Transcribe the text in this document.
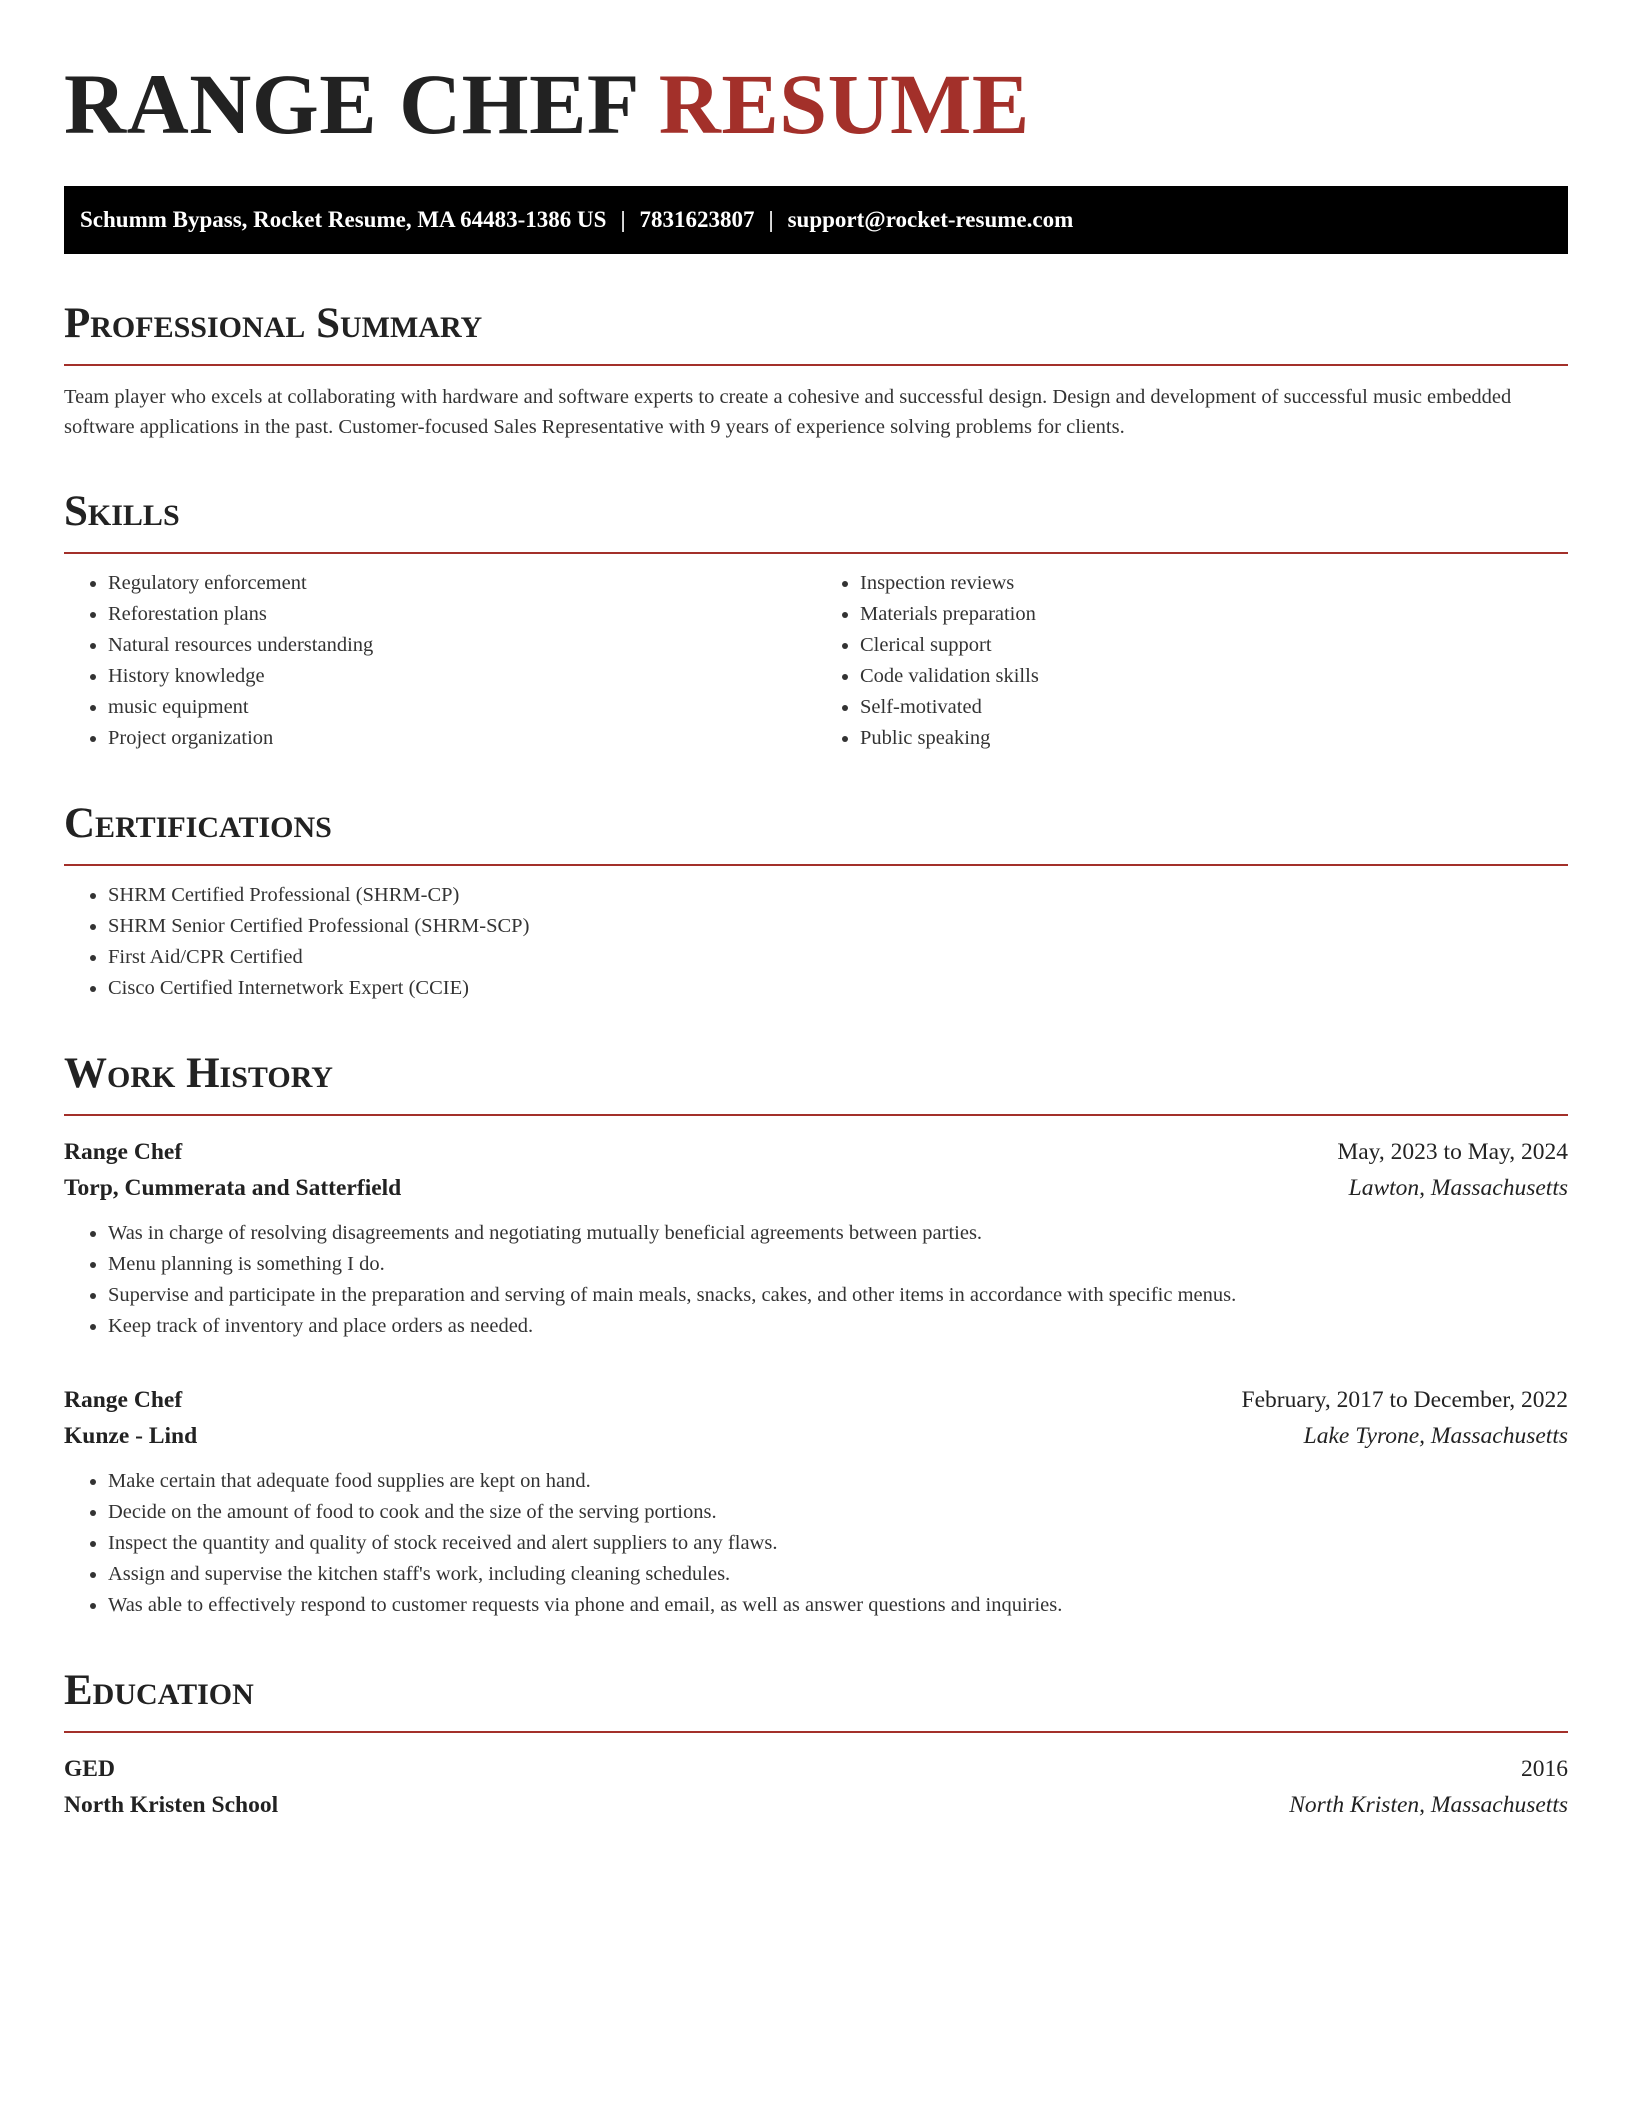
RANGE CHEF RESUME
Schumm Bypass, Rocket Resume, MA 64483-1386 US | 7831623807 | support@rocket-resume.com
Professional Summary

Team player who excels at collaborating with hardware and software experts to create a cohesive and successful design. Design and development of successful music embedded software applications in the past. Customer-focused Sales Representative with 9 years of experience solving problems for clients.

Skills
• Regulatory enforcement
• Reforestation plans
• Natural resources understanding
• History knowledge
• music equipment
• Project organization
• Inspection reviews
• Materials preparation
• Clerical support
• Code validation skills
• Self-motivated
• Public speaking
Certifications
• SHRM Certified Professional (SHRM-CP)
• SHRM Senior Certified Professional (SHRM-SCP)
• First Aid/CPR Certified
• Cisco Certified Internetwork Expert (CCIE)
Work History
Range Chef	May, 2023 to May, 2024
Torp, Cummerata and Satterfield	Lawton, Massachusetts
• Was in charge of resolving disagreements and negotiating mutually beneficial agreements between parties.
• Menu planning is something I do.
• Supervise and participate in the preparation and serving of main meals, snacks, cakes, and other items in accordance with specific menus.
• Keep track of inventory and place orders as needed.
Range Chef	February, 2017 to December, 2022
Kunze - Lind	Lake Tyrone, Massachusetts
• Make certain that adequate food supplies are kept on hand.
• Decide on the amount of food to cook and the size of the serving portions.
• Inspect the quantity and quality of stock received and alert suppliers to any flaws.
• Assign and supervise the kitchen staff's work, including cleaning schedules.
• Was able to effectively respond to customer requests via phone and email, as well as answer questions and inquiries.
Education
GED	2016
North Kristen School	North Kristen, Massachusetts
